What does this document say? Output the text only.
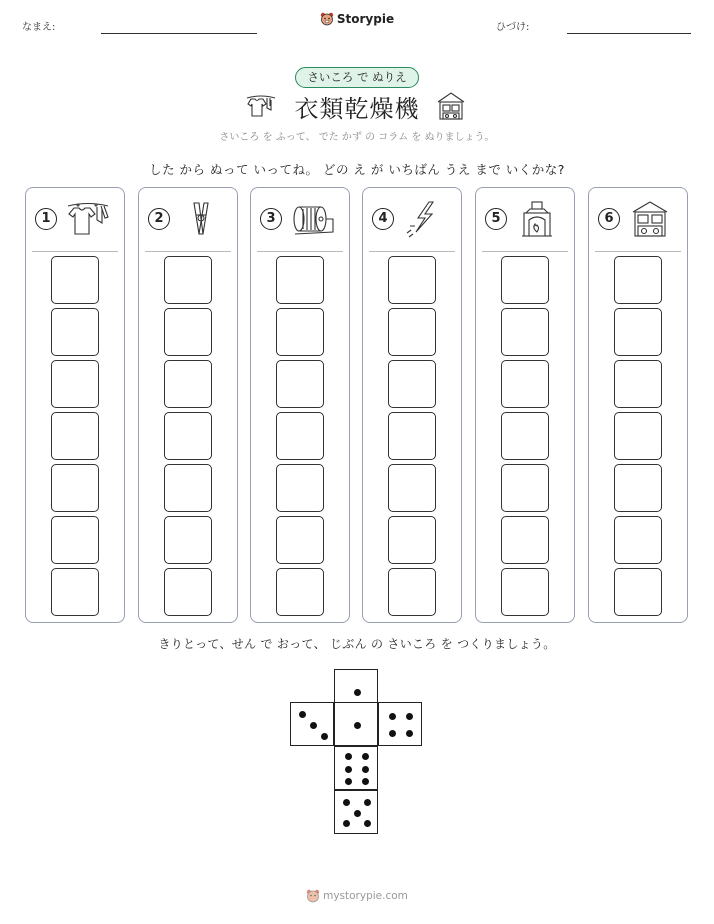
なまえ:
Storypie
ひづけ:
さいころ で ぬりえ
衣類乾燥機
さいころ を ふって、 でた かず の コラム を ぬりましょう。
した から ぬって いってね。 どの え が いちばん うえ まで いくかな?
1	2	3	4	5	6
きりとって、せん で おって、 じぶん の さいころ を つくりましょう。
mystorypie.com
